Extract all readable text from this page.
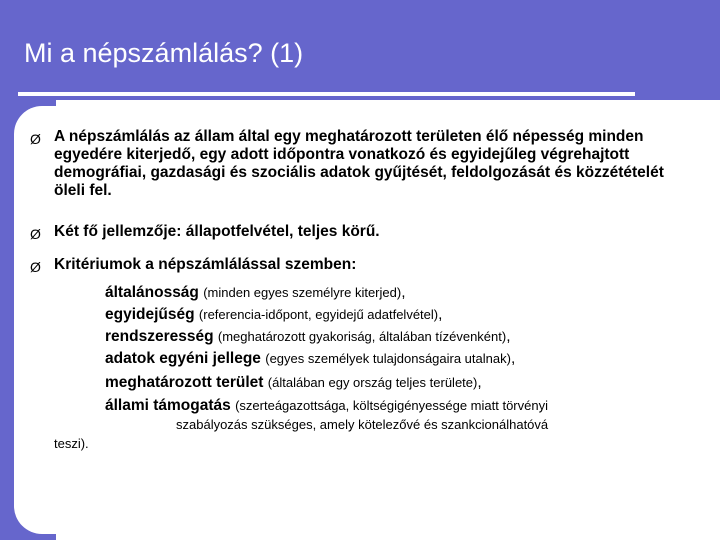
Mi a népszámlálás? (1)
Ø A népszámlálás az állam által egy meghatározott területen élő népesség minden egyedére kiterjedő, egy adott időpontra vonatkozó és egyidejűleg végrehajtott demográfiai, gazdasági és szociális adatok gyűjtését, feldolgozását és közzétételét öleli fel.
Ø Két fő jellemzője: állapotfelvétel, teljes körű.
Ø Kritériumok a népszámlálással szemben:
általánosság (minden egyes személyre kiterjed),
egyidejűség (referencia-időpont, egyidejű adatfelvétel),
rendszeresség (meghatározott gyakoriság, általában tízévenként),
adatok egyéni jellege (egyes személyek tulajdonságaira utalnak),
meghatározott terület (általában egy ország teljes területe),
állami támogatás (szerteágazottsága, költségigényessége miatt törvényi
szabályozás szükséges, amely kötelezővé és szankcionálhatóvá
teszi).
